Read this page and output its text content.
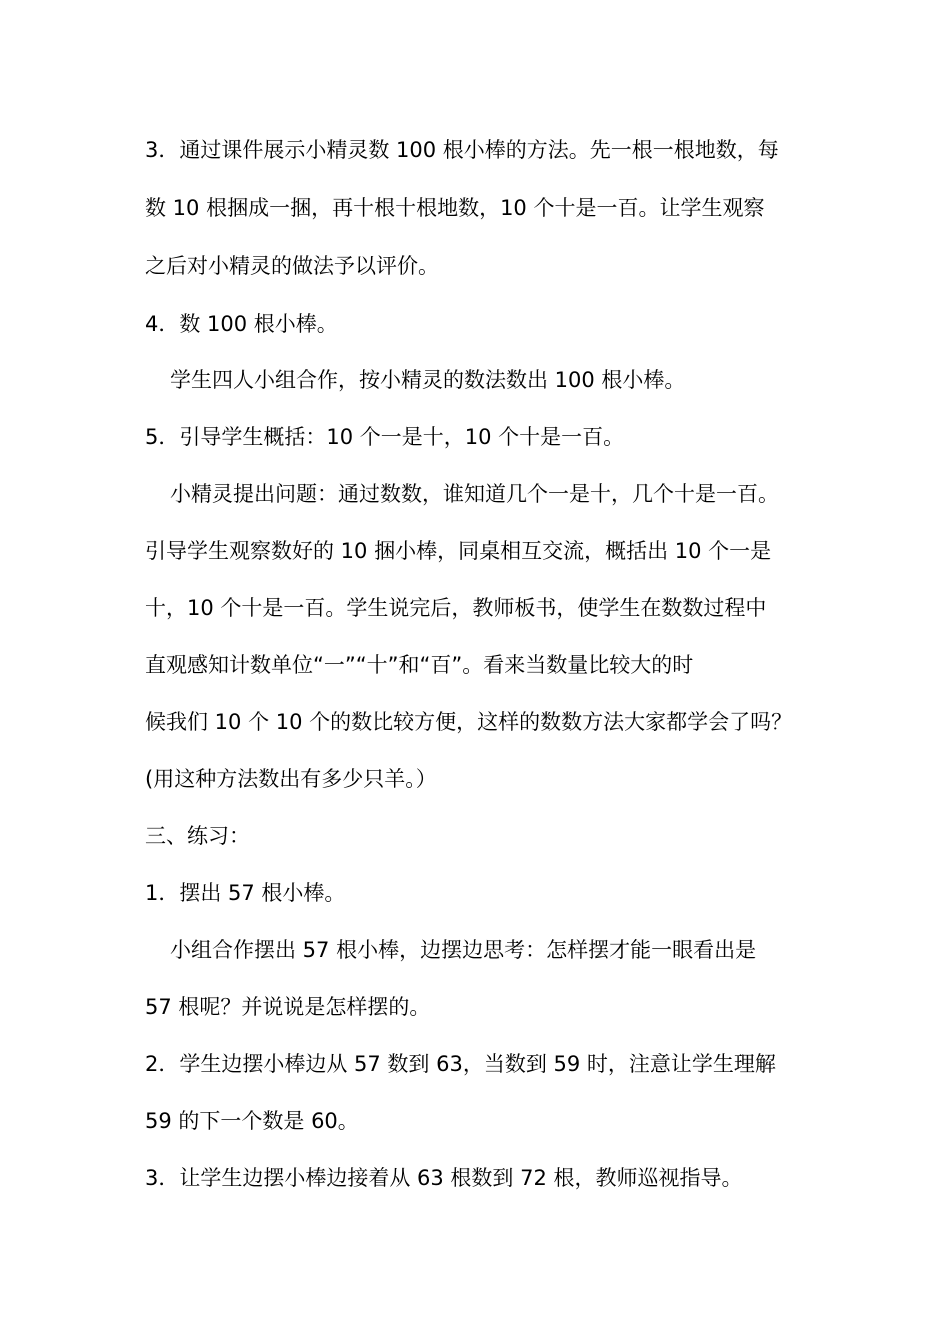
3．通过课件展示小精灵数 100 根小棒的方法。先一根一根地数，每
数 10 根捆成一捆，再十根十根地数，10 个十是一百。让学生观察
之后对小精灵的做法予以评价。
4．数 100 根小棒。
学生四人小组合作，按小精灵的数法数出 100 根小棒。
5．引导学生概括：10 个一是十，10 个十是一百。
小精灵提出问题：通过数数，谁知道几个一是十，几个十是一百。
引导学生观察数好的 10 捆小棒，同桌相互交流，概括出 10 个一是
十，10 个十是一百。学生说完后，教师板书，使学生在数数过程中
直观感知计数单位“一”“十”和“百”。看来当数量比较大的时
候我们 10 个 10 个的数比较方便，这样的数数方法大家都学会了吗？
(用这种方法数出有多少只羊。）
三、练习：
1．摆出 57 根小棒。
小组合作摆出 57 根小棒，边摆边思考：怎样摆才能一眼看出是
57 根呢？并说说是怎样摆的。
2．学生边摆小棒边从 57 数到 63，当数到 59 时，注意让学生理解
59 的下一个数是 60。
3．让学生边摆小棒边接着从 63 根数到 72 根，教师巡视指导。
